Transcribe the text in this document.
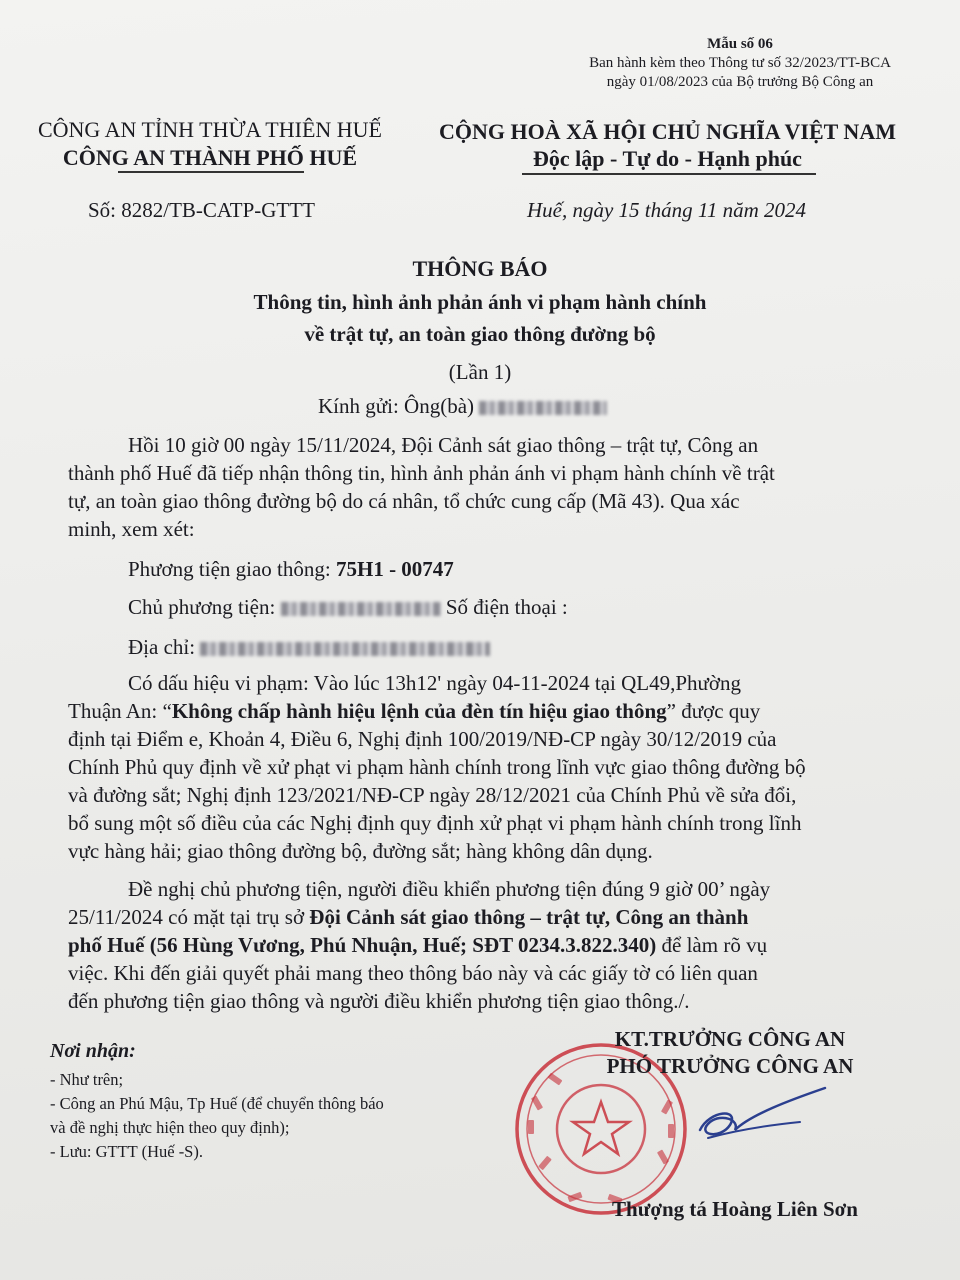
Mẫu số 06
Ban hành kèm theo Thông tư số 32/2023/TT-BCA
ngày 01/08/2023 của Bộ trưởng Bộ Công an
CÔNG AN TỈNH THỪA THIÊN HUẾ
CÔNG AN THÀNH PHỐ HUẾ
Số: 8282/TB-CATP-GTTT
CỘNG HOÀ XÃ HỘI CHỦ NGHĨA VIỆT NAM
Độc lập - Tự do - Hạnh phúc
Huế, ngày 15 tháng 11 năm 2024
THÔNG BÁO
Thông tin, hình ảnh phản ánh vi phạm hành chính
về trật tự, an toàn giao thông đường bộ
(Lần 1)
Kính gửi: Ông(bà)
Hồi 10 giờ 00 ngày 15/11/2024, Đội Cảnh sát giao thông – trật tự, Công an
thành phố Huế đã tiếp nhận thông tin, hình ảnh phản ánh vi phạm hành chính về trật
tự, an toàn giao thông đường bộ do cá nhân, tổ chức cung cấp (Mã 43). Qua xác
minh, xem xét:
Phương tiện giao thông: 75H1 - 00747
Chủ phương tiện:	Số điện thoại :
Địa chỉ:
Có dấu hiệu vi phạm: Vào lúc 13h12' ngày 04-11-2024 tại QL49,Phường
Thuận An: “Không chấp hành hiệu lệnh của đèn tín hiệu giao thông” được quy
định tại Điểm e, Khoản 4, Điều 6, Nghị định 100/2019/NĐ-CP ngày 30/12/2019 của
Chính Phủ quy định về xử phạt vi phạm hành chính trong lĩnh vực giao thông đường bộ
và đường sắt; Nghị định 123/2021/NĐ-CP ngày 28/12/2021 của Chính Phủ về sửa đổi,
bổ sung một số điều của các Nghị định quy định xử phạt vi phạm hành chính trong lĩnh
vực hàng hải; giao thông đường bộ, đường sắt; hàng không dân dụng.
Đề nghị chủ phương tiện, người điều khiển phương tiện đúng 9 giờ 00’ ngày
25/11/2024 có mặt tại trụ sở Đội Cảnh sát giao thông – trật tự, Công an thành
phố Huế (56 Hùng Vương, Phú Nhuận, Huế; SĐT 0234.3.822.340) để làm rõ vụ
việc. Khi đến giải quyết phải mang theo thông báo này và các giấy tờ có liên quan
đến phương tiện giao thông và người điều khiển phương tiện giao thông./.
Nơi nhận:
- Như trên;
- Công an Phú Mậu, Tp Huế (để chuyển thông báo
và đề nghị thực hiện theo quy định);
- Lưu: GTTT (Huế -S).
KT.TRƯỞNG CÔNG AN
PHÓ TRƯỞNG CÔNG AN
Thượng tá Hoàng Liên Sơn
